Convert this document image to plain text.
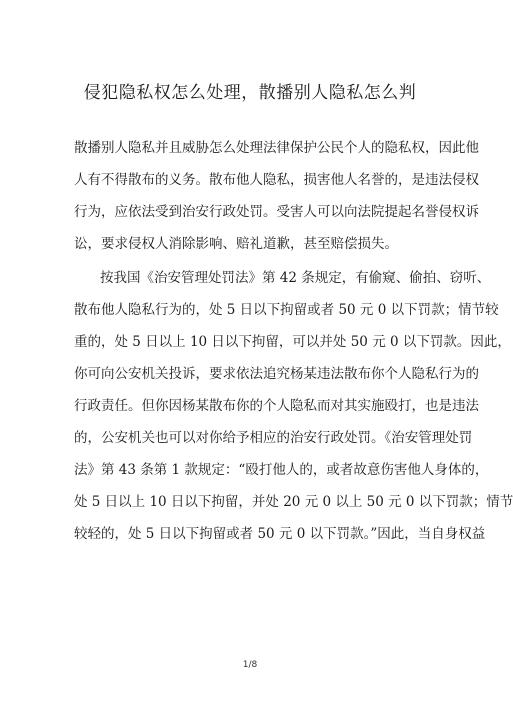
侵犯隐私权怎么处理，散播别人隐私怎么判
散播别人隐私并且威胁怎么处理法律保护公民个人的隐私权，因此他
人有不得散布的义务。散布他人隐私，损害他人名誉的，是违法侵权
行为，应依法受到治安行政处罚。受害人可以向法院提起名誉侵权诉
讼，要求侵权人消除影响、赔礼道歉，甚至赔偿损失。
按我国《治安管理处罚法》第 42 条规定，有偷窥、偷拍、窃听、
散布他人隐私行为的，处 5 日以下拘留或者 50 元 0 以下罚款；情节较
重的，处 5 日以上 10 日以下拘留，可以并处 50 元 0 以下罚款。因此，
你可向公安机关投诉，要求依法追究杨某违法散布你个人隐私行为的
行政责任。但你因杨某散布你的个人隐私而对其实施殴打，也是违法
的，公安机关也可以对你给予相应的治安行政处罚。《治安管理处罚
法》第 43 条第 1 款规定：“殴打他人的，或者故意伤害他人身体的，
处 5 日以上 10 日以下拘留，并处 20 元 0 以上 50 元 0 以下罚款；情节
较轻的，处 5 日以下拘留或者 50 元 0 以下罚款。”因此，当自身权益
1/8
